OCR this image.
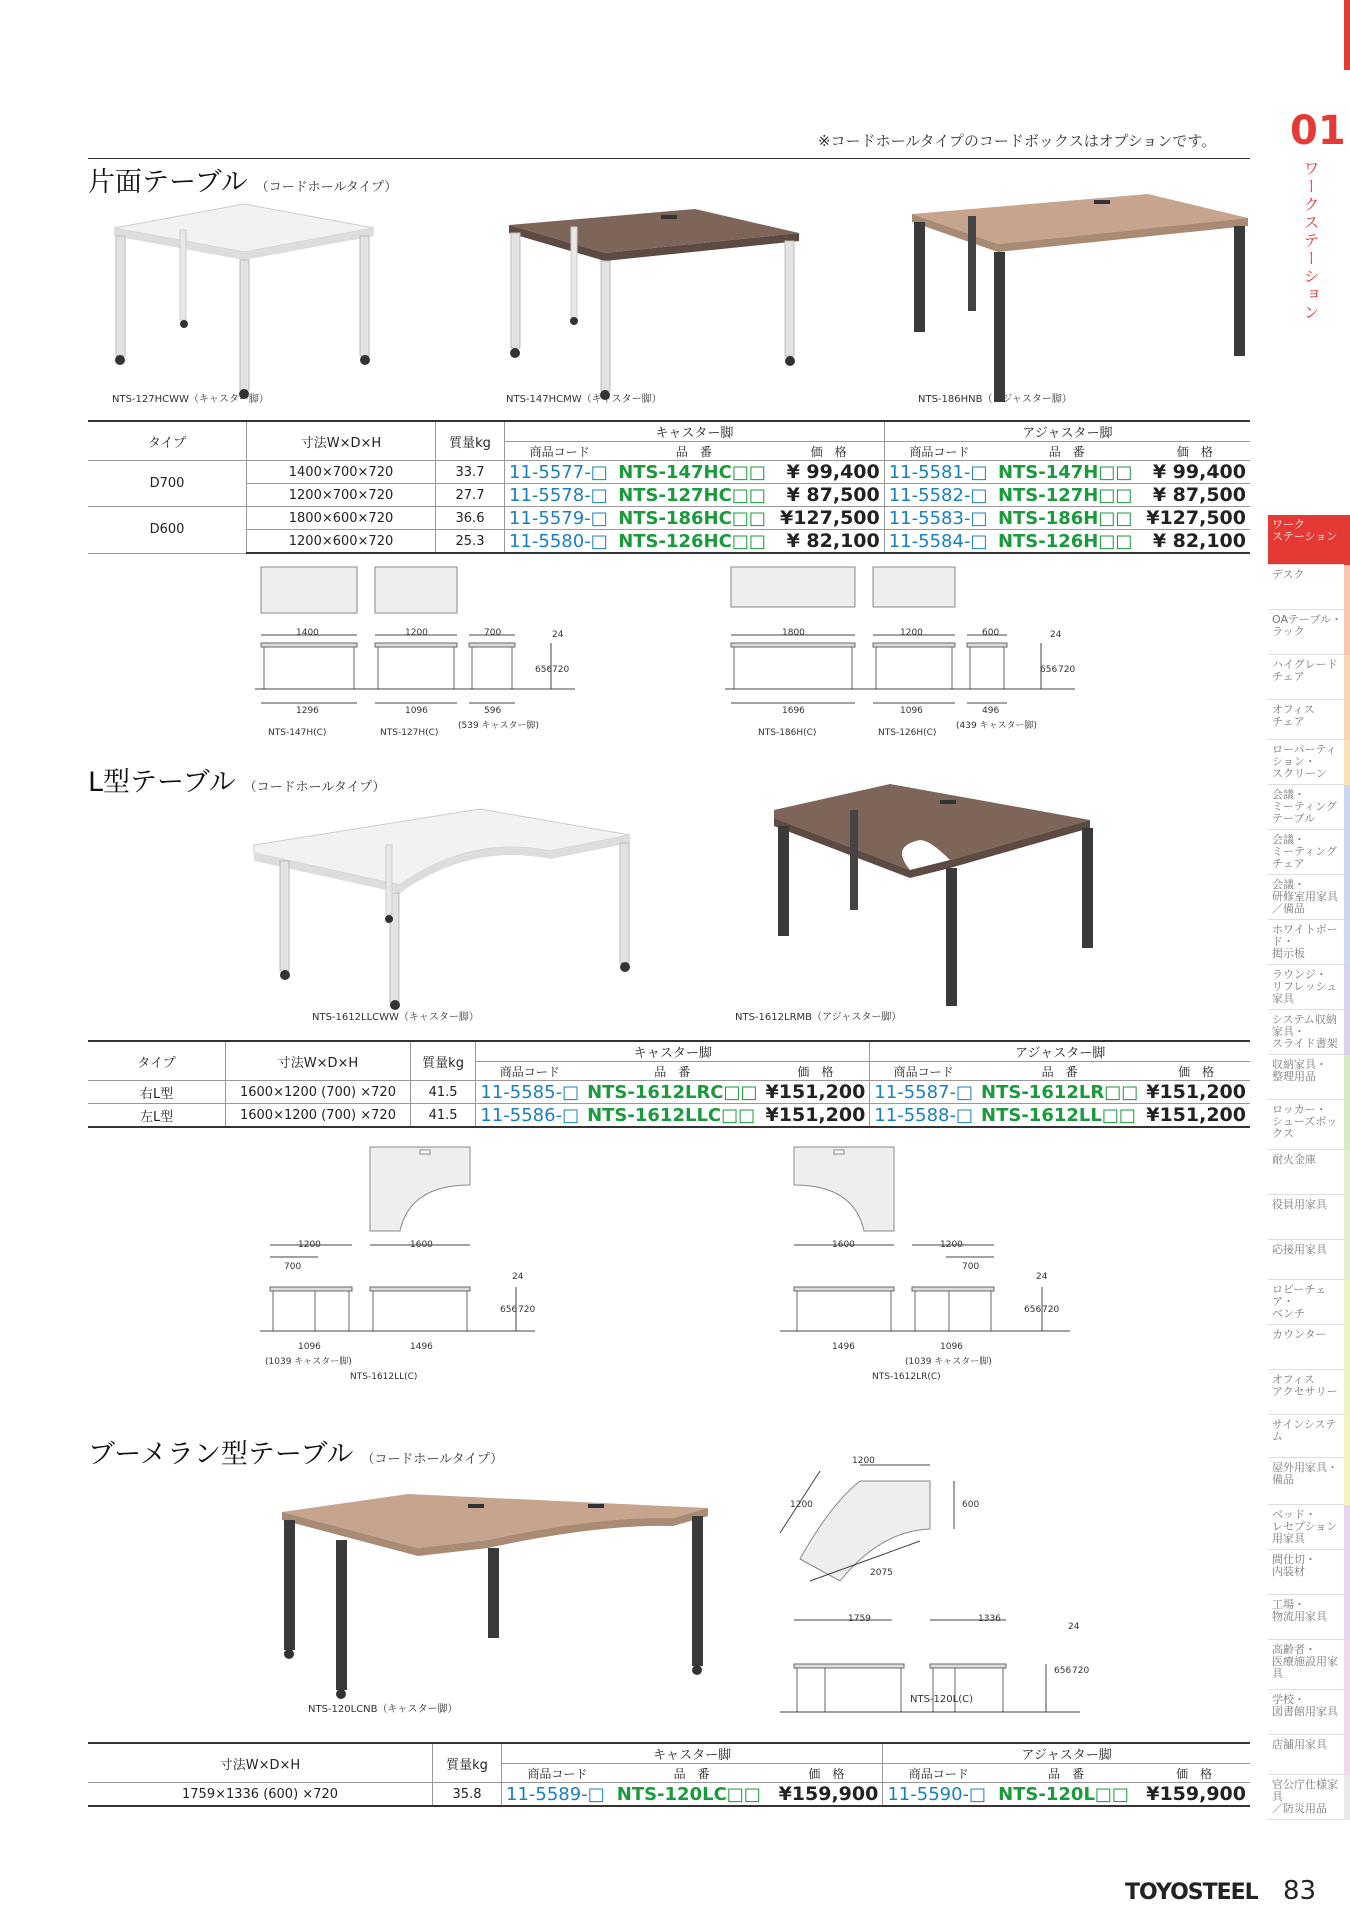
※コードホールタイプのコードボックスはオプションです。 01
ワークステーション
ワーク
ステーション
デスク
OAテーブル・
ラック
ハイグレード
チェア
オフィス
チェア
ローパーティション・
スクリーン
会議・
ミーティングテーブル
会議・
ミーティングチェア
会議・
研修室用家具／備品
ホワイトボード・
掲示板
ラウンジ・
リフレッシュ家具
システム収納家具・
スライド書架
収納家具・
整理用品
ロッカー・
シューズボックス
耐火金庫
役員用家具
応接用家具
ロビーチェア・
ベンチ
カウンター
オフィス
アクセサリー
サインシステム
屋外用家具・
備品
ベッド・
レセプション用家具
間仕切・
内装材
工場・
物流用家具
高齢者・
医療施設用家具
学校・
図書館用家具
店舗用家具
官公庁仕様家具
／防災用品
片面テーブル （コードホールタイプ）
NTS-127HCWW（キャスター脚）	NTS-147HCMW（キャスター脚）	NTS-186HNB（アジャスター脚）
タイプ	寸法W×D×H	質量kg	キャスター脚			アジャスター脚		
			商品コード	品　番	価　格	商品コード	品　番	価　格
D700	1400×700×720	33.7	11-5577-□	NTS-147HC□□	¥ 99,400	11-5581-□	NTS-147H□□	¥ 99,400
	1200×700×720	27.7	11-5578-□	NTS-127HC□□	¥ 87,500	11-5582-□	NTS-127H□□	¥ 87,500
D600	1800×600×720	36.6	11-5579-□	NTS-186HC□□	¥127,500	11-5583-□	NTS-186H□□	¥127,500
	1200×600×720	25.3	11-5580-□	NTS-126HC□□	¥ 82,100	11-5584-□	NTS-126H□□	¥ 82,100
1400	1200	700	24
656 720
1296	1096	596
(539 キャスター脚)
NTS-147H(C)	NTS-127H(C)
1800	1200	600	24
656 720
1696	1096	496
(439 キャスター脚)
NTS-186H(C)	NTS-126H(C)
L型テーブル （コードホールタイプ）
NTS-1612LLCWW（キャスター脚）	NTS-1612LRMB（アジャスター脚）
タイプ	寸法W×D×H	質量kg	キャスター脚			アジャスター脚		
			商品コード	品　番	価　格	商品コード	品　番	価　格
右L型	1600×1200 (700) ×720	41.5	11-5585-□	NTS-1612LRC□□	¥151,200	11-5587-□	NTS-1612LR□□	¥151,200
左L型	1600×1200 (700) ×720	41.5	11-5586-□	NTS-1612LLC□□	¥151,200	11-5588-□	NTS-1612LL□□	¥151,200
1200	1600
700
24
656 720
1096
(1039 キャスター脚)
1496
NTS-1612LL(C)
1600	1200
700
24
656 720
1496	1096
(1039 キャスター脚)
NTS-1612LR(C)
ブーメラン型テーブル （コードホールタイプ）
NTS-120LCNB（キャスター脚）
1200
600
1200
2075
1759	1336
24
656 720
NTS-120L(C)
寸法W×D×H	質量kg	キャスター脚			アジャスター脚		
		商品コード	品　番	価　格	商品コード	品　番	価　格
1759×1336 (600) ×720	35.8	11-5589-□	NTS-120LC□□	¥159,900	11-5590-□	NTS-120L□□	¥159,900
TOYOSTEEL 83
